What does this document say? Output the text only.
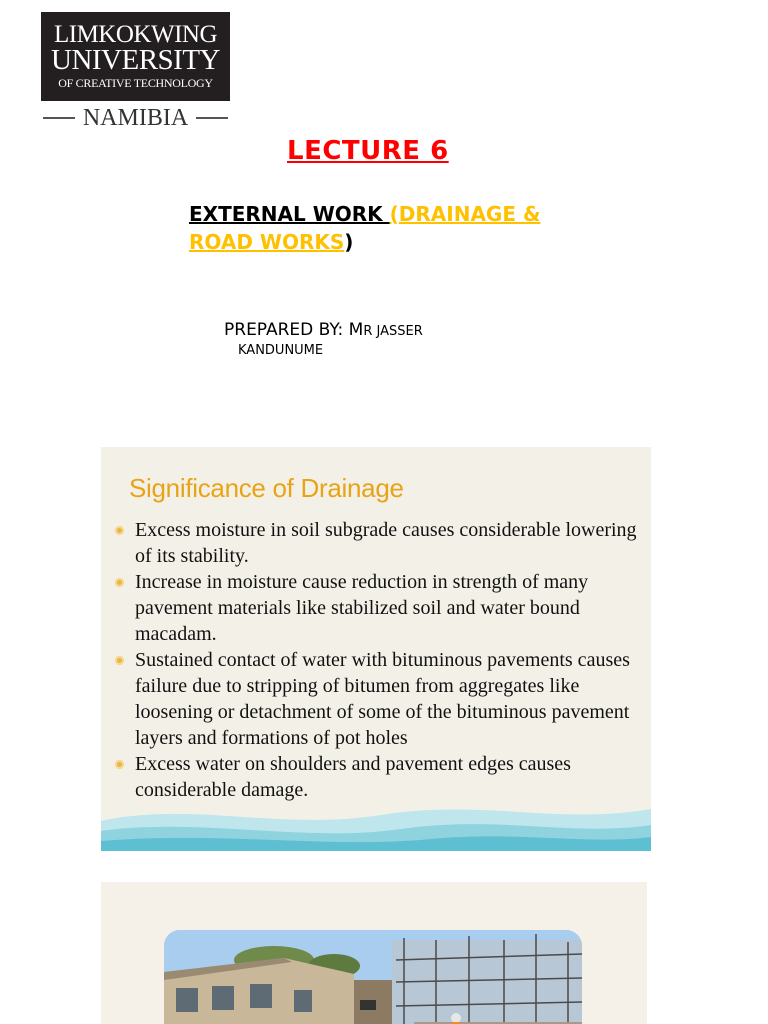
LIMKOKWING
UNIVERSITY
OF CREATIVE TECHNOLOGY
NAMIBIA
LECTURE 6
EXTERNAL WORK (DRAINAGE & ROAD WORKS)
PREPARED BY: MR JASSER
KANDUNUME
Significance of Drainage
Excess moisture in soil subgrade causes considerable lowering of its stability.
Increase in moisture cause reduction in strength of many pavement materials like stabilized soil and water bound macadam.
Sustained contact of water with bituminous pavements causes failure due to stripping of bitumen from aggregates like loosening or detachment of some of the bituminous pavement layers and formations of pot holes
Excess water on shoulders and pavement edges causes considerable damage.
